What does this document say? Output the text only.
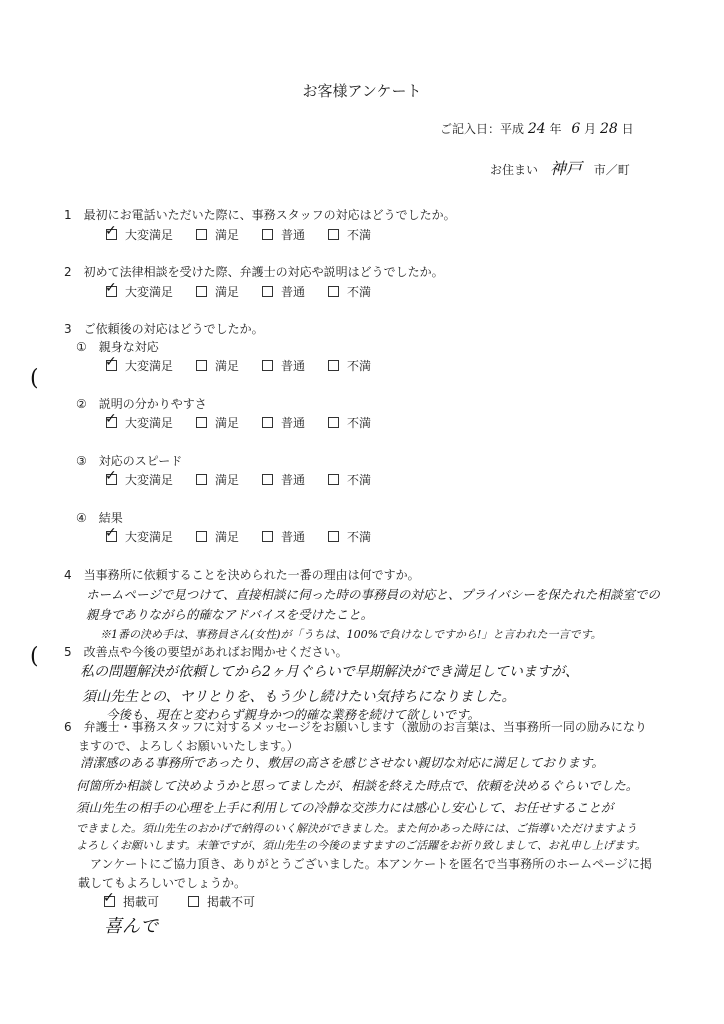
お客様アンケート
ご記入日：平成 24 年 6 月 28 日
お住まい 神戸 市／町
1　最初にお電話いただいた際に、事務スタッフの対応はどうでしたか。
✓
大変満足	満足	普通	不満
2　初めて法律相談を受けた際、弁護士の対応や説明はどうでしたか。
✓
大変満足	満足	普通	不満
3　ご依頼後の対応はどうでしたか。
①　親身な対応
✓
大変満足	満足	普通	不満
②　説明の分かりやすさ
✓
大変満足	満足	普通	不満
③　対応のスピード
✓
大変満足	満足	普通	不満
④　結果
✓
大変満足	満足	普通	不満
(
(
4　当事務所に依頼することを決められた一番の理由は何ですか。
ホームページで見つけて、直接相談に伺った時の事務員の対応と、プライバシーを保たれた相談室での
親身でありながら的確なアドバイスを受けたこと。
※1番の決め手は、事務員さん(女性)が「うちは、100%で負けなしですから!」と言われた一言です。
5　改善点や今後の要望があればお聞かせください。
私の問題解決が依頼してから2ヶ月ぐらいで早期解決ができ満足していますが、
須山先生との、ヤリとりを、もう少し続けたい気持ちになりました。
今後も、現在と変わらず親身かつ的確な業務を続けて欲しいです。
6　弁護士・事務スタッフに対するメッセージをお願いします（激励のお言葉は、当事務所一同の励みになり
ますので、よろしくお願いいたします。）
清潔感のある事務所であったり、敷居の高さを感じさせない親切な対応に満足しております。
何箇所か相談して決めようかと思ってましたが、相談を終えた時点で、依頼を決めるぐらいでした。
須山先生の相手の心理を上手に利用しての冷静な交渉力には感心し安心して、お任せすることが
できました。須山先生のおかげで納得のいく解決ができました。また何かあった時には、ご指導いただけますよう
よろしくお願いします。末筆ですが、須山先生の今後のますますのご活躍をお祈り致しまして、お礼申し上げます。
アンケートにご協力頂き、ありがとうございました。本アンケートを匿名で当事務所のホームページに掲
載してもよろしいでしょうか。
✓
掲載可	掲載不可
喜んで
